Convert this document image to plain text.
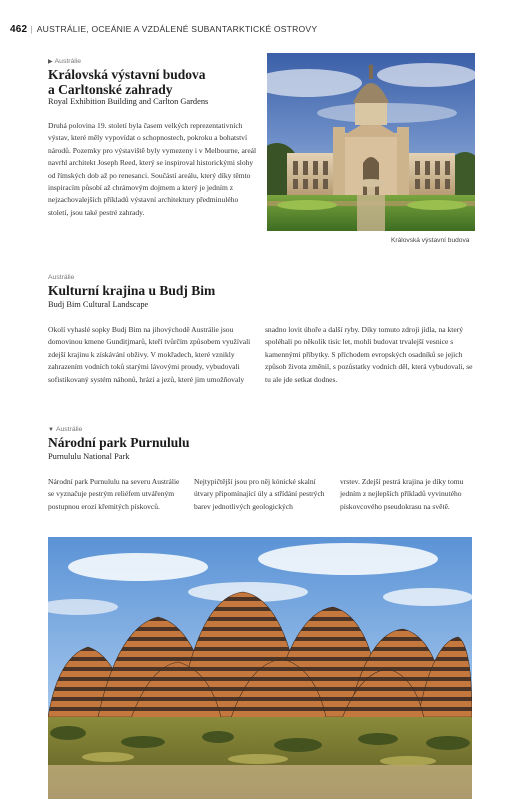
462 | AUSTRÁLIE, OCEÁNIE A VZDÁLENÉ SUBANTARKTICKÉ OSTROVY
▶ Austrálie
Královská výstavní budova
a Carltonské zahrady
Royal Exhibition Building and Carlton Gardens
Druhá polovina 19. století byla časem velkých reprezentativních výstav, které měly vypovídat o schopnostech, pokroku a bohatství národů. Pozemky pro výstaviště byly vymezeny i v Melbourne, areál navrhl architekt Joseph Reed, který se inspiroval historickými slohy od římských dob až po renesanci. Součástí areálu, který díky těmto inspiracím působí až chrámovým dojmem a který je jedním z nejzachovalejších příkladů výstavní architektury předminulého století, jsou také pestré zahrady.
Královská výstavní budova
Austrálie
Kulturní krajina u Budj Bim
Budj Bim Cultural Landscape
Okolí vyhaslé sopky Budj Bim na jihovýchodě Austrálie jsou domovinou kmene Gunditjmarů, kteří tvůrčím způsobem využívali zdejší krajinu k získávání obživy. V mokřadech, které vznikly zahrazením vodních toků starými lávovými proudy, vybudovali sofistikovaný systém náhonů, hrází a jezů, které jim umožňovaly
snadno lovit úhoře a další ryby. Díky tomuto zdroji jídla, na který spoléhali po několik tisíc let, mohli budovat trvalejší vesnice s kamennými příbytky. S příchodem evropských osadníků se jejich způsob života změnil, s pozůstatky vodních děl, která vybudovali, se tu ale jde setkat dodnes.
▼ Austrálie
Národní park Purnululu
Purnululu National Park
Národní park Purnululu na severu Austrálie se vyznačuje pestrým reliéfem utvářeným postupnou erozí křemitých pískovců.
Nejtypičtější jsou pro něj kónické skalní útvary připomínající úly a střídání pestrých barev jednotlivých geologických
vrstev. Zdejší pestrá krajina je díky tomu jedním z nejlepších příkladů vyvinutého pískovcového pseudokrasu na světě.
